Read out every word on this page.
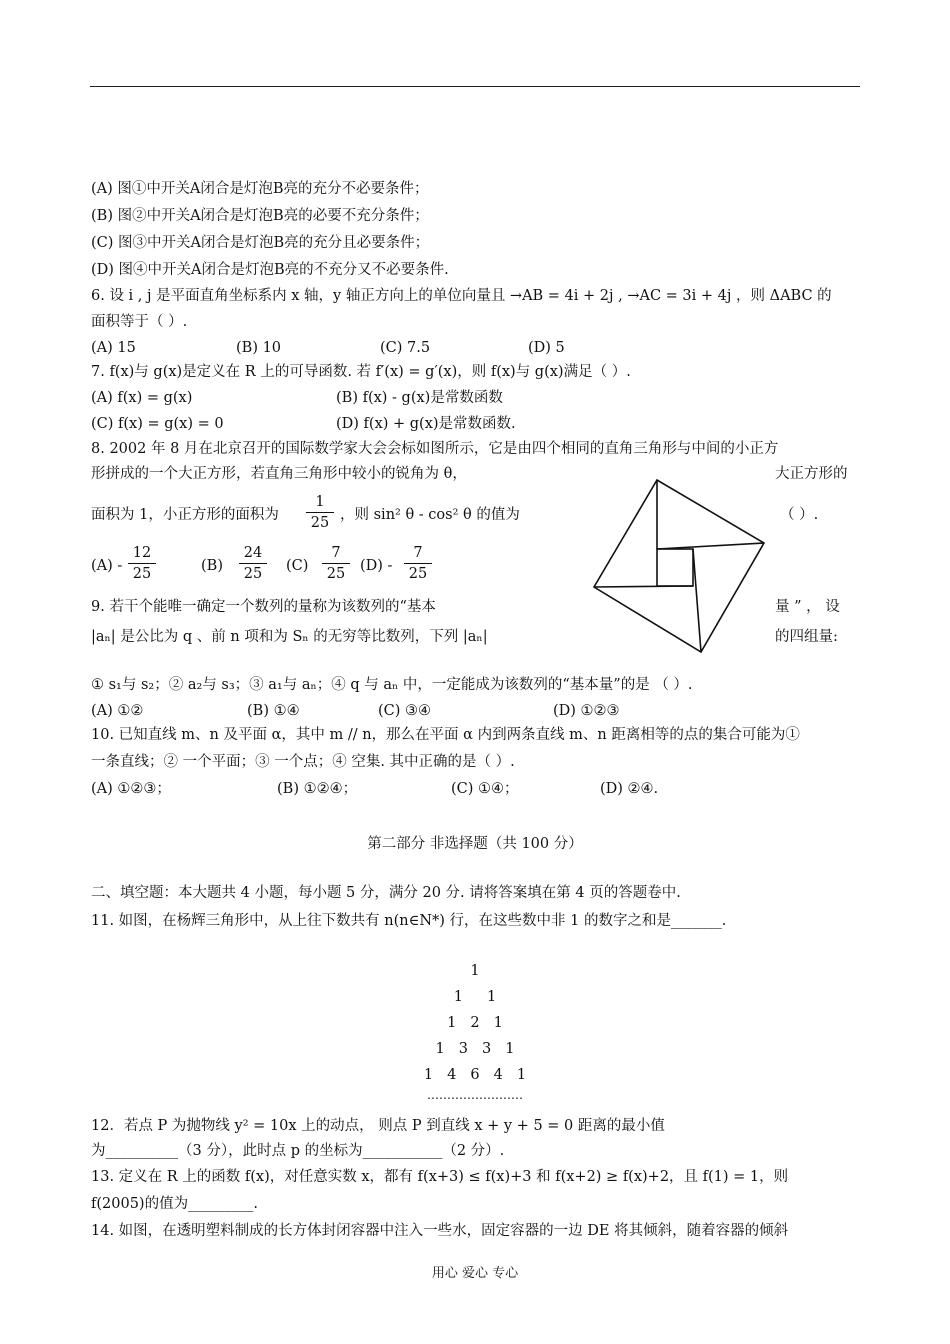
(A) 图①中开关A闭合是灯泡B亮的充分不必要条件；
(B) 图②中开关A闭合是灯泡B亮的必要不充分条件；
(C) 图③中开关A闭合是灯泡B亮的充分且必要条件；
(D) 图④中开关A闭合是灯泡B亮的不充分又不必要条件.
6. 设 i , j 是平面直角坐标系内 x 轴，y 轴正方向上的单位向量且 →AB = 4i + 2j , →AC = 3i + 4j ，则 ΔABC 的
面积等于（ ）.
(A) 15	(B) 10	(C) 7.5	(D) 5
7. f(x)与 g(x)是定义在 R 上的可导函数. 若 f′(x) = g′(x)，则 f(x)与 g(x)满足（ ）.
(A) f(x) = g(x)	(B) f(x) - g(x)是常数函数
(C) f(x) = g(x) = 0	(D) f(x) + g(x)是常数函数.
8. 2002 年 8 月在北京召开的国际数学家大会会标如图所示，它是由四个相同的直角三角形与中间的小正方
形拼成的一个大正方形，若直角三角形中较小的锐角为 θ，	大正方形的
面积为 1，小正方形的面积为
1
25 ，则 sin² θ - cos² θ 的值为	（ ）.
(A) -
12
25	(B)
24
25	(C)
7
25	(D) -
7
25
9. 若干个能唯一确定一个数列的量称为该数列的“基本	量 ” ， 设
|aₙ| 是公比为 q 、前 n 项和为 Sₙ 的无穷等比数列，下列 |aₙ|	的四组量:
① s₁与 s₂；② a₂与 s₃；③ a₁与 aₙ；④ q 与 aₙ 中，一定能成为该数列的“基本量”的是 （ ）.
(A) ①②	(B) ①④	(C) ③④	(D) ①②③
10. 已知直线 m、n 及平面 α，其中 m // n，那么在平面 α 内到两条直线 m、n 距离相等的点的集合可能为①
一条直线；② 一个平面；③ 一个点；④ 空集. 其中正确的是（ ）.
(A) ①②③；	(B) ①②④；	(C) ①④；	(D) ②④.
第二部分 非选择题（共 100 分）
二、填空题：本大题共 4 小题，每小题 5 分，满分 20 分. 请将答案填在第 4 页的答题卷中.
11. 如图，在杨辉三角形中，从上往下数共有 n(n∈N*) 行，在这些数中非 1 的数字之和是_______.
1
1 1
1 2 1
1 3 3 1
1 4 6 4 1
……………………
12．若点 P 为抛物线 y² = 10x 上的动点， 则点 P 到直线 x + y + 5 = 0 距离的最小值
为__________（3 分），此时点 p 的坐标为___________（2 分）.
13. 定义在 R 上的函数 f(x)，对任意实数 x，都有 f(x+3) ≤ f(x)+3 和 f(x+2) ≥ f(x)+2，且 f(1) = 1，则
f(2005)的值为_________.
14. 如图，在透明塑料制成的长方体封闭容器中注入一些水，固定容器的一边 DE 将其倾斜，随着容器的倾斜
用心 爱心 专心
